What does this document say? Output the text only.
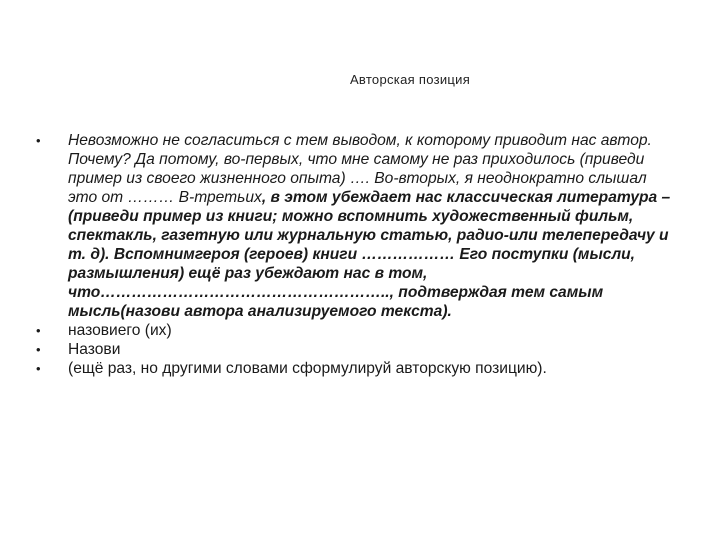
Авторская позиция
•	Невозможно не согласиться с тем выводом, к которому приводит нас автор. Почему? Да потому, во-первых, что мне самому не раз приходилось (приведи пример из своего жизненного опыта) …. Во-вторых, я неоднократно слышал это от ……… В-третьих, в этом убеждает нас классическая литература –(приведи пример из книги; можно вспомнить художественный фильм, спектакль, газетную или журнальную статью, радио-или телепередачу и т. д). Вспомнимгероя (героев) книги ……………… Его поступки (мысли, размышления) ещё раз убеждают нас в том, что……………………………………………….., подтверждая тем самым мысль(назови автора анализируемого текста).
•	назовиего (их)
•	Назови
•	(ещё раз, но другими словами сформулируй авторскую позицию).
